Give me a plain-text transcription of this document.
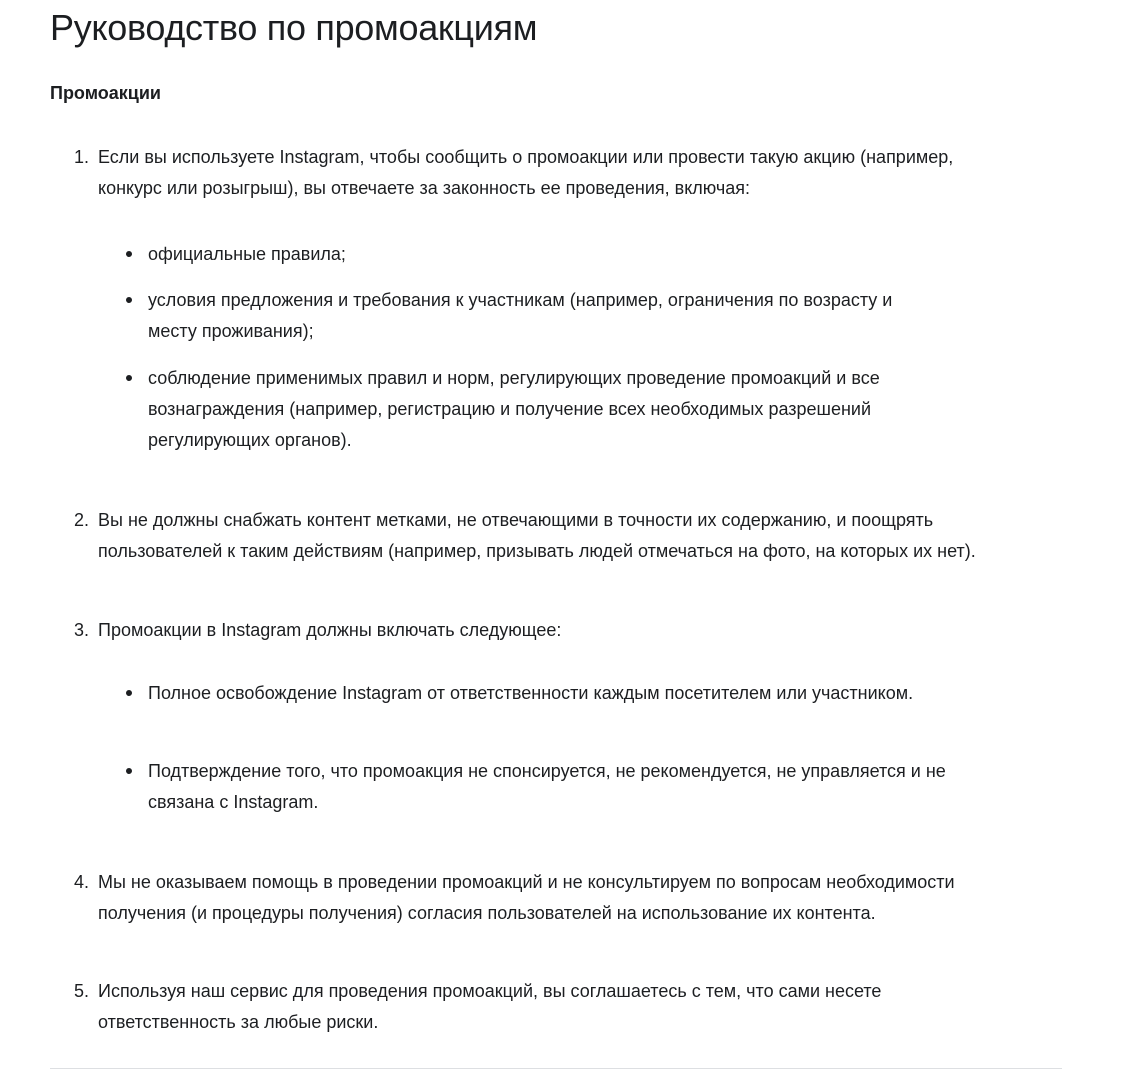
Руководство по промоакциям
Промоакции
1. Если вы используете Instagram, чтобы сообщить о промоакции или провести такую акцию (например, конкурс или розыгрыш), вы отвечаете за законность ее проведения, включая:
официальные правила;
условия предложения и требования к участникам (например, ограничения по возрасту и месту проживания);
соблюдение применимых правил и норм, регулирующих проведение промоакций и все вознаграждения (например, регистрацию и получение всех необходимых разрешений регулирующих органов).
2. Вы не должны снабжать контент метками, не отвечающими в точности их содержанию, и поощрять пользователей к таким действиям (например, призывать людей отмечаться на фото, на которых их нет).
3. Промоакции в Instagram должны включать следующее:
Полное освобождение Instagram от ответственности каждым посетителем или участником.
Подтверждение того, что промоакция не спонсируется, не рекомендуется, не управляется и не связана с Instagram.
4. Мы не оказываем помощь в проведении промоакций и не консультируем по вопросам необходимости получения (и процедуры получения) согласия пользователей на использование их контента.
5. Используя наш сервис для проведения промоакций, вы соглашаетесь с тем, что сами несете ответственность за любые риски.
